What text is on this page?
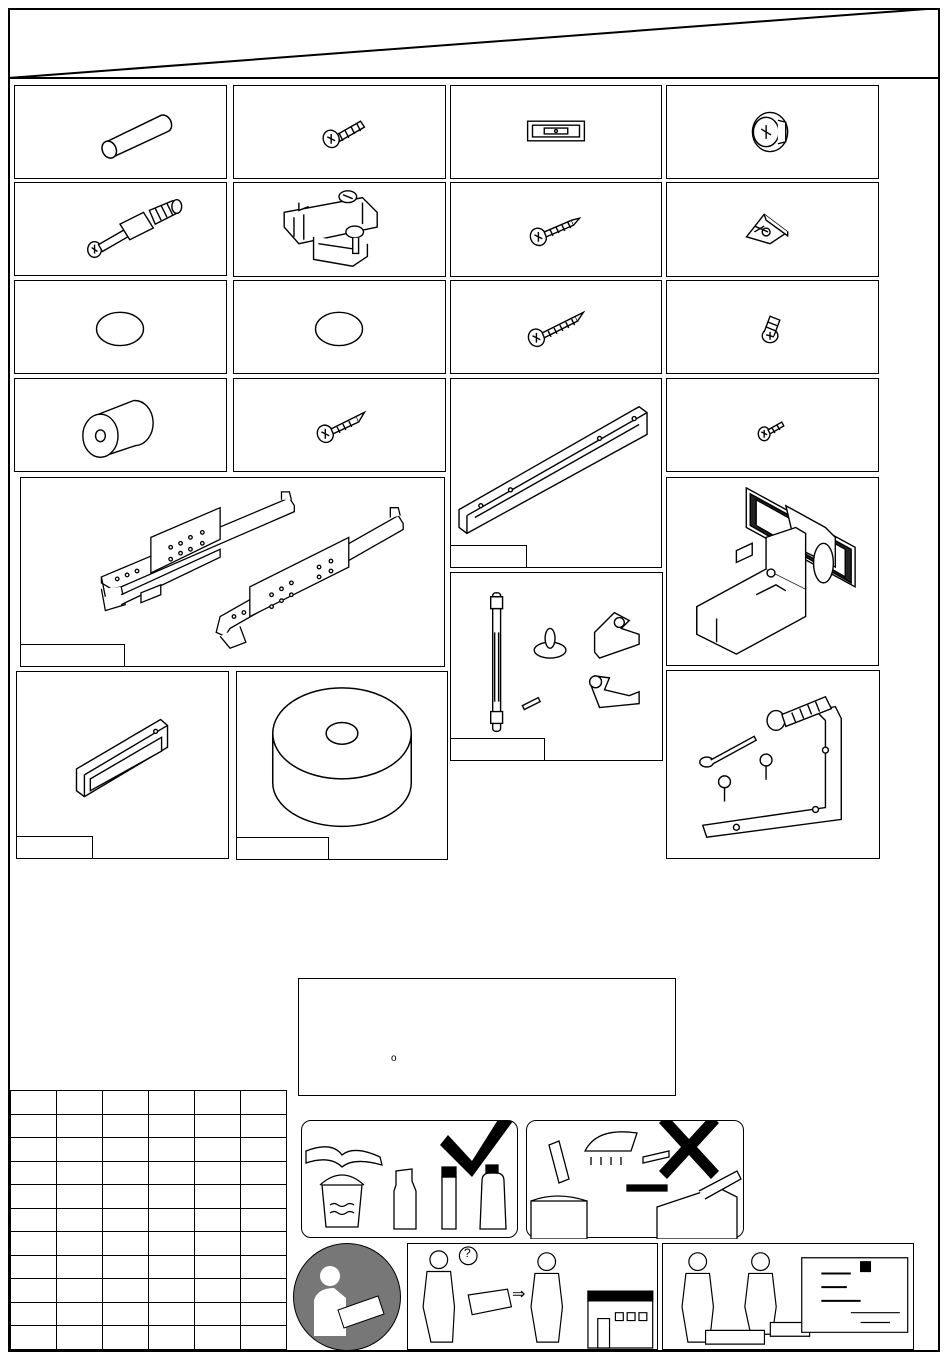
o

?
⇒
